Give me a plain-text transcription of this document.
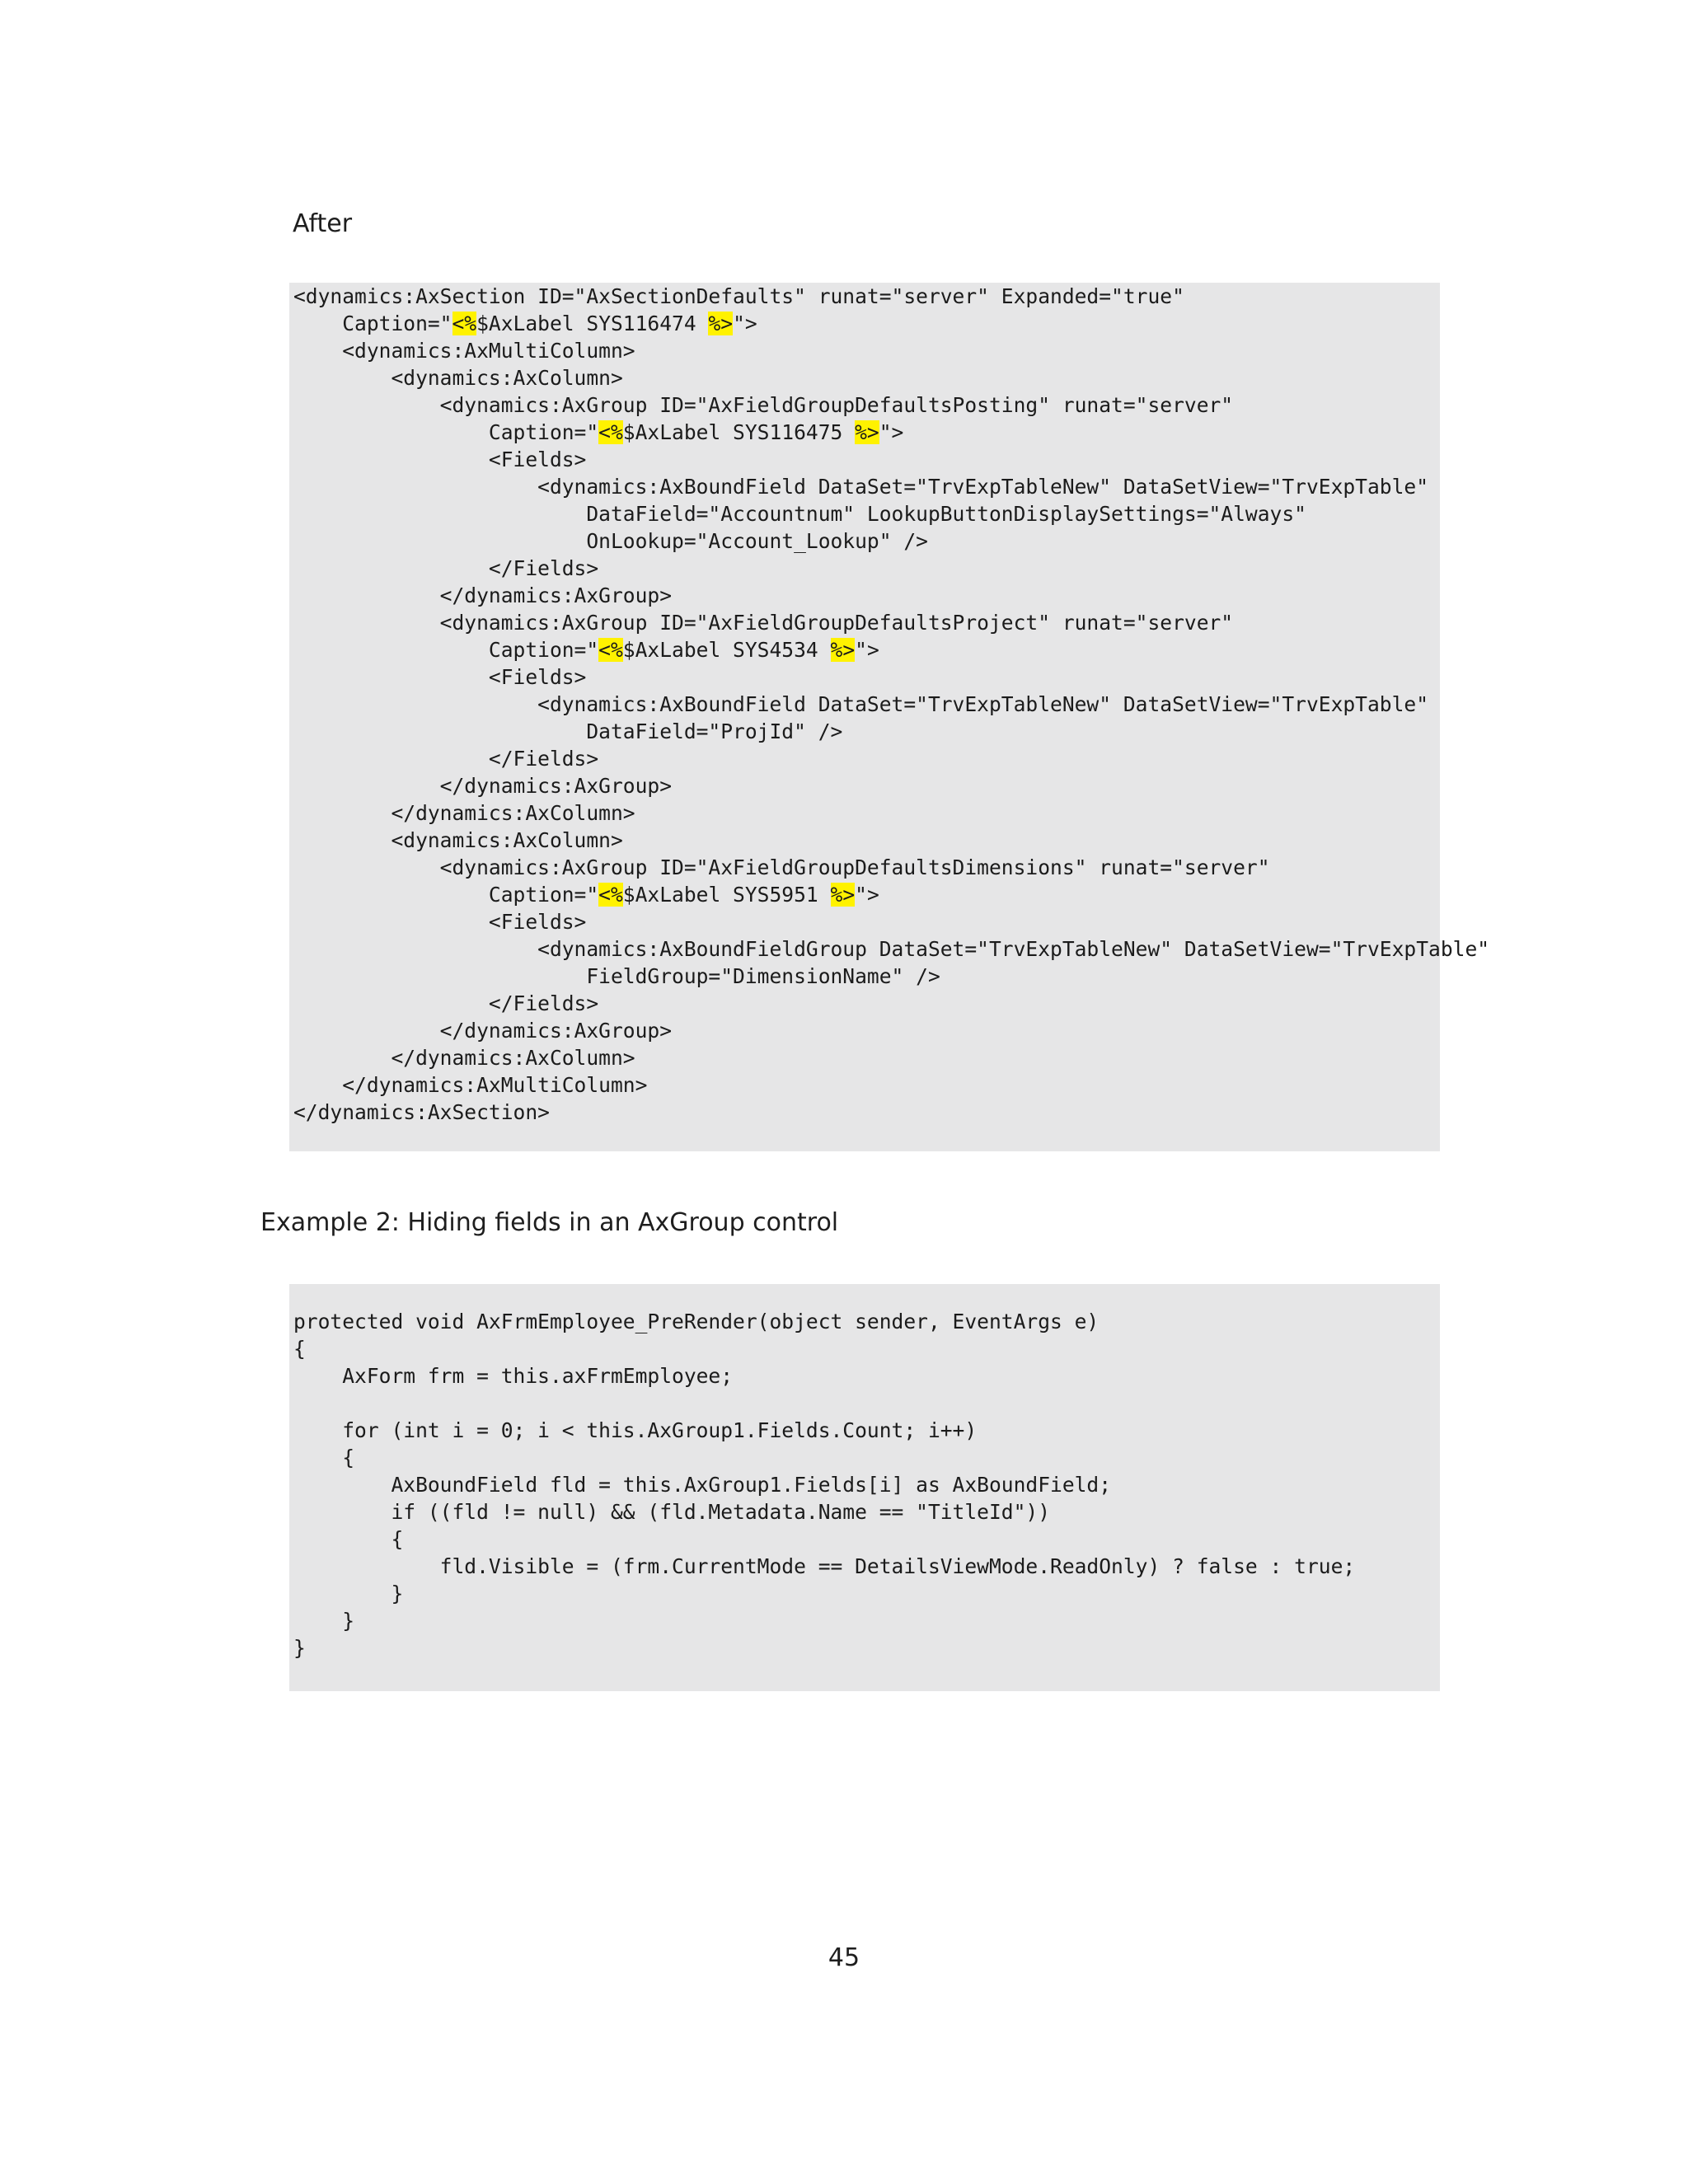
After
<dynamics:AxSection ID="AxSectionDefaults" runat="server" Expanded="true"
Caption="<%$AxLabel SYS116474 %>">
<dynamics:AxMultiColumn>
<dynamics:AxColumn>
<dynamics:AxGroup ID="AxFieldGroupDefaultsPosting" runat="server"
Caption="<%$AxLabel SYS116475 %>">
<Fields>
<dynamics:AxBoundField DataSet="TrvExpTableNew" DataSetView="TrvExpTable"
DataField="Accountnum" LookupButtonDisplaySettings="Always"
OnLookup="Account_Lookup" />
</Fields>
</dynamics:AxGroup>
<dynamics:AxGroup ID="AxFieldGroupDefaultsProject" runat="server"
Caption="<%$AxLabel SYS4534 %>">
<Fields>
<dynamics:AxBoundField DataSet="TrvExpTableNew" DataSetView="TrvExpTable"
DataField="ProjId" />
</Fields>
</dynamics:AxGroup>
</dynamics:AxColumn>
<dynamics:AxColumn>
<dynamics:AxGroup ID="AxFieldGroupDefaultsDimensions" runat="server"
Caption="<%$AxLabel SYS5951 %>">
<Fields>
<dynamics:AxBoundFieldGroup DataSet="TrvExpTableNew" DataSetView="TrvExpTable"
FieldGroup="DimensionName" />
</Fields>
</dynamics:AxGroup>
</dynamics:AxColumn>
</dynamics:AxMultiColumn>
</dynamics:AxSection>
Example 2: Hiding fields in an AxGroup control
protected void AxFrmEmployee_PreRender(object sender, EventArgs e)
{
AxForm frm = this.axFrmEmployee;
for (int i = 0; i < this.AxGroup1.Fields.Count; i++)
{
AxBoundField fld = this.AxGroup1.Fields[i] as AxBoundField;
if ((fld != null) && (fld.Metadata.Name == "TitleId"))
{
fld.Visible = (frm.CurrentMode == DetailsViewMode.ReadOnly) ? false : true;
}
}
}
45
